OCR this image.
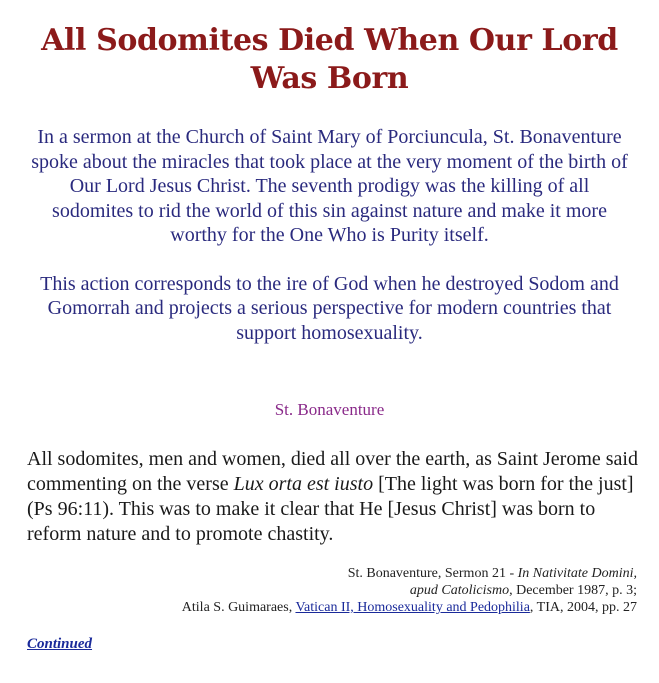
All Sodomites Died When Our Lord Was Born

In a sermon at the Church of Saint Mary of Porciuncula, St. Bonaventure spoke about the miracles that took place at the very moment of the birth of Our Lord Jesus Christ. The seventh prodigy was the killing of all sodomites to rid the world of this sin against nature and make it more worthy for the One Who is Purity itself.

This action corresponds to the ire of God when he destroyed Sodom and Gomorrah and projects a serious perspective for modern countries that support homosexuality.

St. Bonaventure

All sodomites, men and women, died all over the earth, as Saint Jerome said commenting on the verse Lux orta est iusto [The light was born for the just] (Ps 96:11). This was to make it clear that He [Jesus Christ] was born to reform nature and to promote chastity.

St. Bonaventure, Sermon 21 - In Nativitate Domini,
apud Catolicismo, December 1987, p. 3;
Atila S. Guimaraes, Vatican II, Homosexuality and Pedophilia, TIA, 2004, pp. 27
Continued
